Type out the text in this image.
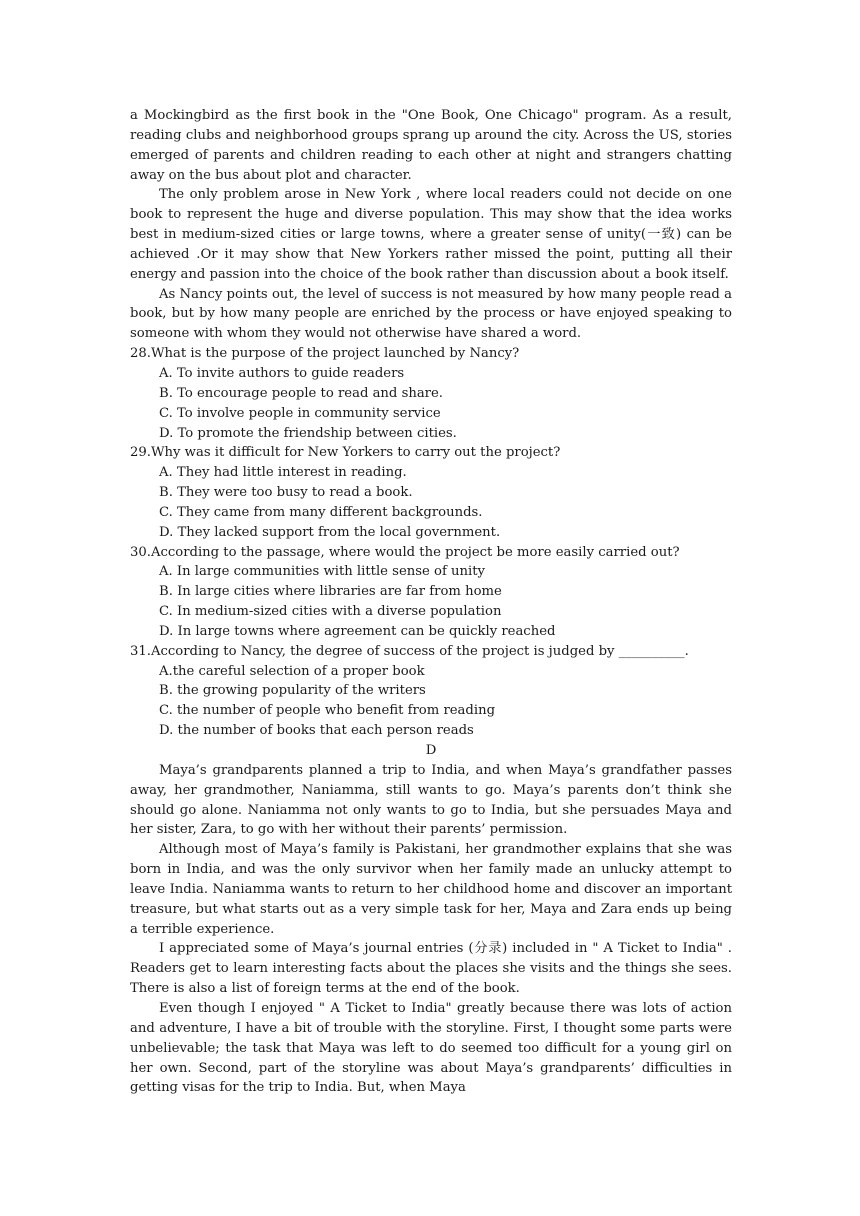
a Mockingbird as the first book in the "One Book, One Chicago" program. As a result, reading clubs and neighborhood groups sprang up around the city. Across the US, stories emerged of parents and children reading to each other at night and strangers chatting away on the bus about plot and character.

The only problem arose in New York , where local readers could not decide on one book to represent the huge and diverse population. This may show that the idea works best in medium-sized cities or large towns, where a greater sense of unity(一致) can be achieved .Or it may show that New Yorkers rather missed the point, putting all their energy and passion into the choice of the book rather than discussion about a book itself.

As Nancy points out, the level of success is not measured by how many people read a book, but by how many people are enriched by the process or have enjoyed speaking to someone with whom they would not otherwise have shared a word.

28.What is the purpose of the project launched by Nancy?

A. To invite authors to guide readers

B. To encourage people to read and share.

C. To involve people in community service

D. To promote the friendship between cities.

29.Why was it difficult for New Yorkers to carry out the project?

A. They had little interest in reading.

B. They were too busy to read a book.

C. They came from many different backgrounds.

D. They lacked support from the local government.

30.According to the passage, where would the project be more easily carried out?

A. In large communities with little sense of unity

B. In large cities where libraries are far from home

C. In medium-sized cities with a diverse population

D. In large towns where agreement can be quickly reached

31.According to Nancy, the degree of success of the project is judged by __________.

A.the careful selection of a proper book

B. the growing popularity of the writers

C. the number of people who benefit from reading

D. the number of books that each person reads

D

Maya’s grandparents planned a trip to India, and when Maya’s grandfather passes away, her grandmother, Naniamma, still wants to go. Maya’s parents don’t think she should go alone. Naniamma not only wants to go to India, but she persuades Maya and her sister, Zara, to go with her without their parents’ permission.

Although most of Maya’s family is Pakistani, her grandmother explains that she was born in India, and was the only survivor when her family made an unlucky attempt to leave India. Naniamma wants to return to her childhood home and discover an important treasure, but what starts out as a very simple task for her, Maya and Zara ends up being a terrible experience.

I appreciated some of Maya’s journal entries (分录) included in " A Ticket to India" . Readers get to learn interesting facts about the places she visits and the things she sees. There is also a list of foreign terms at the end of the book.

Even though I enjoyed " A Ticket to India" greatly because there was lots of action and adventure, I have a bit of trouble with the storyline. First, I thought some parts were unbelievable; the task that Maya was left to do seemed too difficult for a young girl on her own. Second, part of the storyline was about Maya’s grandparents’ difficulties in getting visas for the trip to India. But, when Maya
